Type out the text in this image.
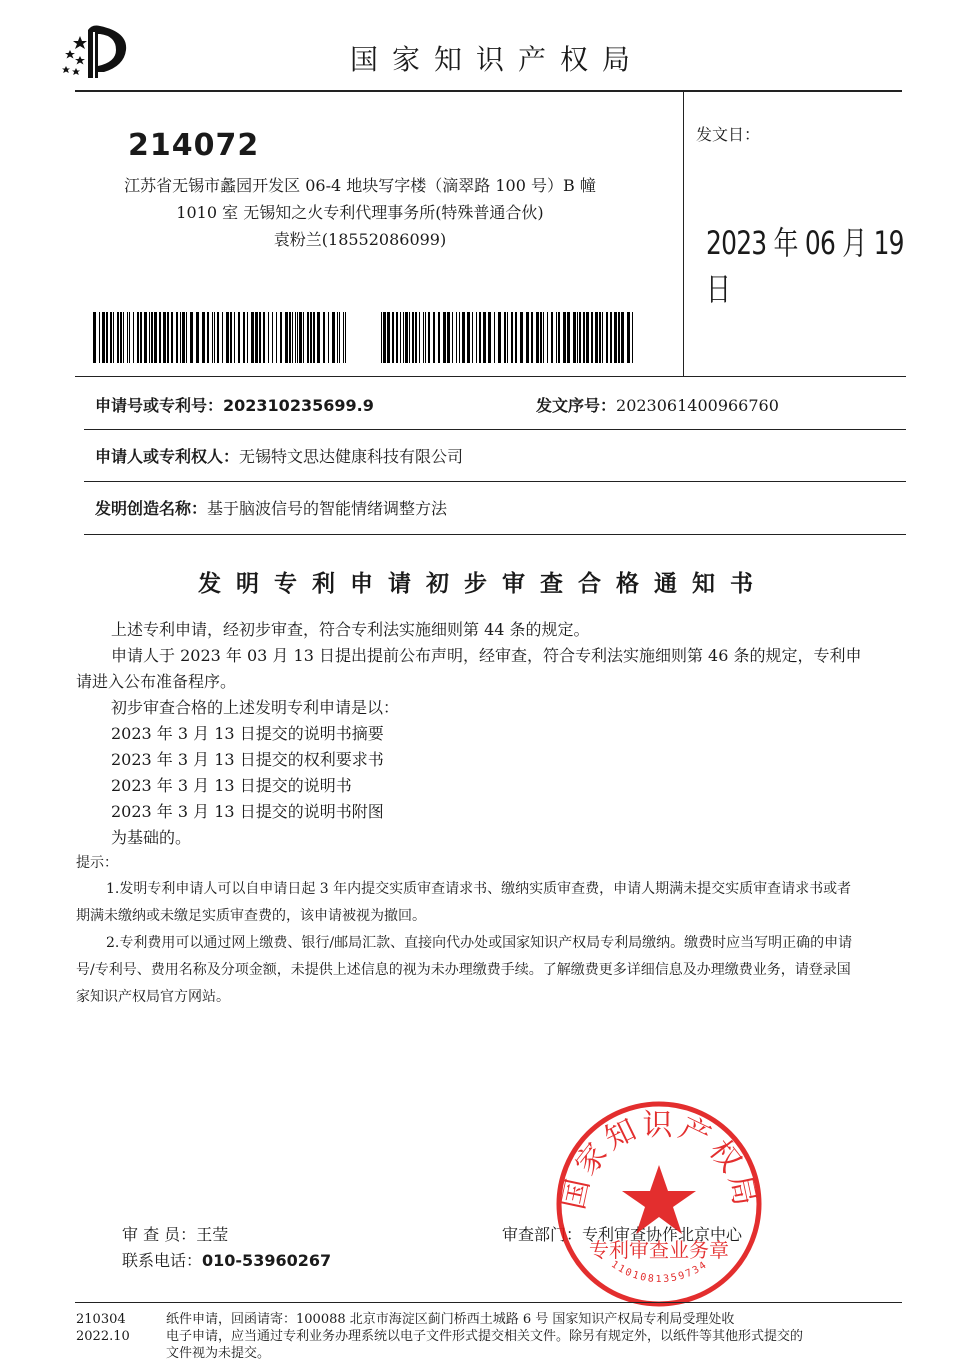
国家知识产权局
214072
江苏省无锡市蠡园开发区 06-4 地块写字楼（滴翠路 100 号）B 幢
1010 室 无锡知之火专利代理事务所(特殊普通合伙)
袁粉兰(18552086099)
发文日：
2023 年 06 月 19 日
申请号或专利号：202310235699.9	发文序号：2023061400966760
申请人或专利权人：无锡特文思达健康科技有限公司
发明创造名称：基于脑波信号的智能情绪调整方法
发明专利申请初步审查合格通知书
上述专利申请，经初步审查，符合专利法实施细则第 44 条的规定。
申请人于 2023 年 03 月 13 日提出提前公布声明，经审查，符合专利法实施细则第 46 条的规定，专利申
请进入公布准备程序。
初步审查合格的上述发明专利申请是以：
2023 年 3 月 13 日提交的说明书摘要
2023 年 3 月 13 日提交的权利要求书
2023 年 3 月 13 日提交的说明书
2023 年 3 月 13 日提交的说明书附图
为基础的。
提示：
1.发明专利申请人可以自申请日起 3 年内提交实质审查请求书、缴纳实质审查费，申请人期满未提交实质审查请求书或者
期满未缴纳或未缴足实质审查费的，该申请被视为撤回。
2.专利费用可以通过网上缴费、银行/邮局汇款、直接向代办处或国家知识产权局专利局缴纳。缴费时应当写明正确的申请
号/专利号、费用名称及分项金额，未提供上述信息的视为未办理缴费手续。了解缴费更多详细信息及办理缴费业务，请登录国
家知识产权局官方网站。
审 查 员：王莹
联系电话：010-53960267
审查部门：专利审查协作北京中心
国家知识产权局
专利审查业务章
1101081359734
210304
2022.10
纸件申请，回函请寄：100088 北京市海淀区蓟门桥西土城路 6 号 国家知识产权局专利局受理处收
电子申请，应当通过专利业务办理系统以电子文件形式提交相关文件。除另有规定外，以纸件等其他形式提交的
文件视为未提交。
